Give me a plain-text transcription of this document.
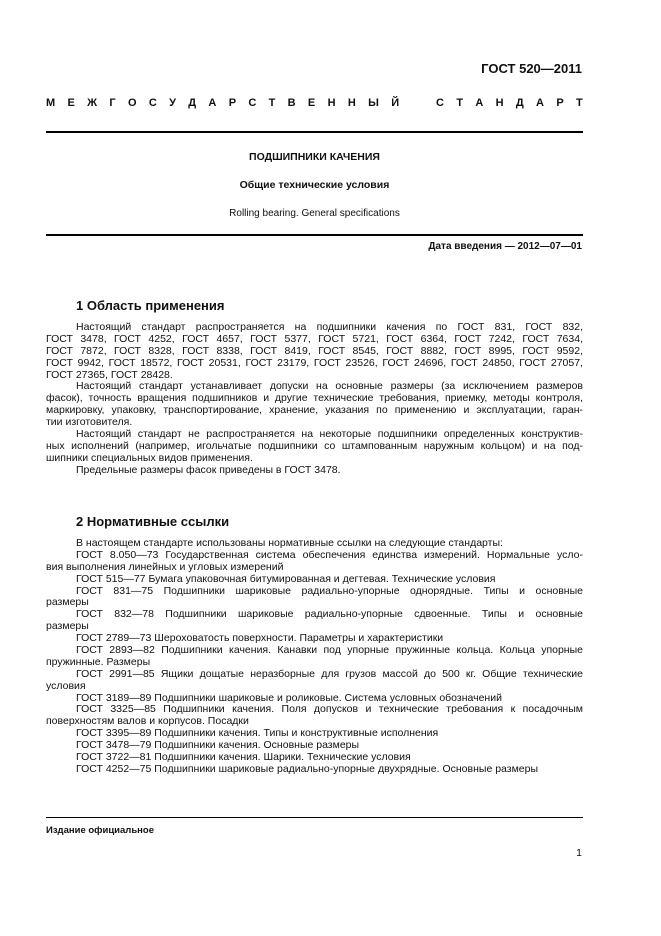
ГОСТ 520—2011
М Е Ж Г О С У Д А Р С Т В Е Н Н Ы Й	С Т А Н Д А Р Т
ПОДШИПНИКИ КАЧЕНИЯ
Общие технические условия
Rolling bearing. General specifications
Дата введения — 2012—07—01
1 Область применения
Настоящий стандарт распространяется на подшипники качения по ГОСТ 831, ГОСТ 832,
ГОСТ 3478, ГОСТ 4252, ГОСТ 4657, ГОСТ 5377, ГОСТ 5721, ГОСТ 6364, ГОСТ 7242, ГОСТ 7634,
ГОСТ 7872, ГОСТ 8328, ГОСТ 8338, ГОСТ 8419, ГОСТ 8545, ГОСТ 8882, ГОСТ 8995, ГОСТ 9592,
ГОСТ 9942, ГОСТ 18572, ГОСТ 20531, ГОСТ 23179, ГОСТ 23526, ГОСТ 24696, ГОСТ 24850, ГОСТ 27057,
ГОСТ 27365, ГОСТ 28428.
Настоящий стандарт устанавливает допуски на основные размеры (за исключением размеров
фасок), точность вращения подшипников и другие технические требования, приемку, методы контроля,
маркировку, упаковку, транспортирование, хранение, указания по применению и эксплуатации, гаран-
тии изготовителя.
Настоящий стандарт не распространяется на некоторые подшипники определенных конструктив-
ных исполнений (например, игольчатые подшипники со штампованным наружным кольцом) и на под-
шипники специальных видов применения.
Предельные размеры фасок приведены в ГОСТ 3478.
2 Нормативные ссылки
В настоящем стандарте использованы нормативные ссылки на следующие стандарты:
ГОСТ 8.050—73 Государственная система обеспечения единства измерений. Нормальные усло-
вия выполнения линейных и угловых измерений
ГОСТ 515—77 Бумага упаковочная битумированная и дегтевая. Технические условия
ГОСТ 831—75 Подшипники шариковые радиально-упорные однорядные. Типы и основные
размеры
ГОСТ 832—78 Подшипники шариковые радиально-упорные сдвоенные. Типы и основные
размеры
ГОСТ 2789—73 Шероховатость поверхности. Параметры и характеристики
ГОСТ 2893—82 Подшипники качения. Канавки под упорные пружинные кольца. Кольца упорные
пружинные. Размеры
ГОСТ 2991—85 Ящики дощатые неразборные для грузов массой до 500 кг. Общие технические
условия
ГОСТ 3189—89 Подшипники шариковые и роликовые. Система условных обозначений
ГОСТ 3325—85 Подшипники качения. Поля допусков и технические требования к посадочным
поверхностям валов и корпусов. Посадки
ГОСТ 3395—89 Подшипники качения. Типы и конструктивные исполнения
ГОСТ 3478—79 Подшипники качения. Основные размеры
ГОСТ 3722—81 Подшипники качения. Шарики. Технические условия
ГОСТ 4252—75 Подшипники шариковые радиально-упорные двухрядные. Основные размеры
Издание официальное
1
